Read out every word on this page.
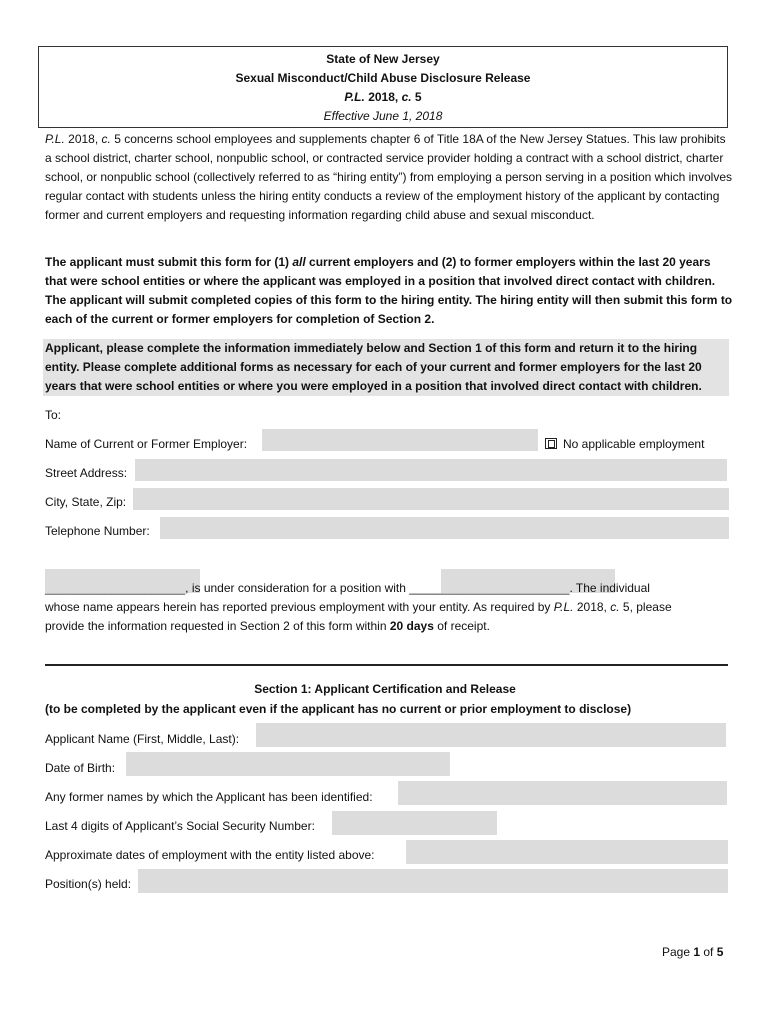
State of New Jersey
Sexual Misconduct/Child Abuse Disclosure Release
P.L. 2018, c. 5
Effective June 1, 2018
P.L. 2018, c. 5 concerns school employees and supplements chapter 6 of Title 18A of the New Jersey Statues. This law prohibits a school district, charter school, nonpublic school, or contracted service provider holding a contract with a school district, charter school, or nonpublic school (collectively referred to as “hiring entity”) from employing a person serving in a position which involves regular contact with students unless the hiring entity conducts a review of the employment history of the applicant by contacting former and current employers and requesting information regarding child abuse and sexual misconduct.
The applicant must submit this form for (1) all current employers and (2) to former employers within the last 20 years that were school entities or where the applicant was employed in a position that involved direct contact with children. The applicant will submit completed copies of this form to the hiring entity. The hiring entity will then submit this form to each of the current or former employers for completion of Section 2.
Applicant, please complete the information immediately below and Section 1 of this form and return it to the hiring entity. Please complete additional forms as necessary for each of your current and former employers for the last 20 years that were school entities or where you were employed in a position that involved direct contact with children.
To:
Name of Current or Former Employer:	No applicable employment
Street Address:
City, State, Zip:
Telephone Number:
_____________________, is under consideration for a position with ________________________. The individual
whose name appears herein has reported previous employment with your entity. As required by P.L. 2018, c. 5, please
provide the information requested in Section 2 of this form within 20 days of receipt.
Section 1: Applicant Certification and Release
(to be completed by the applicant even if the applicant has no current or prior employment to disclose)
Applicant Name (First, Middle, Last):
Date of Birth:
Any former names by which the Applicant has been identified:
Last 4 digits of Applicant’s Social Security Number:
Approximate dates of employment with the entity listed above:
Position(s) held:
Page 1 of 5
